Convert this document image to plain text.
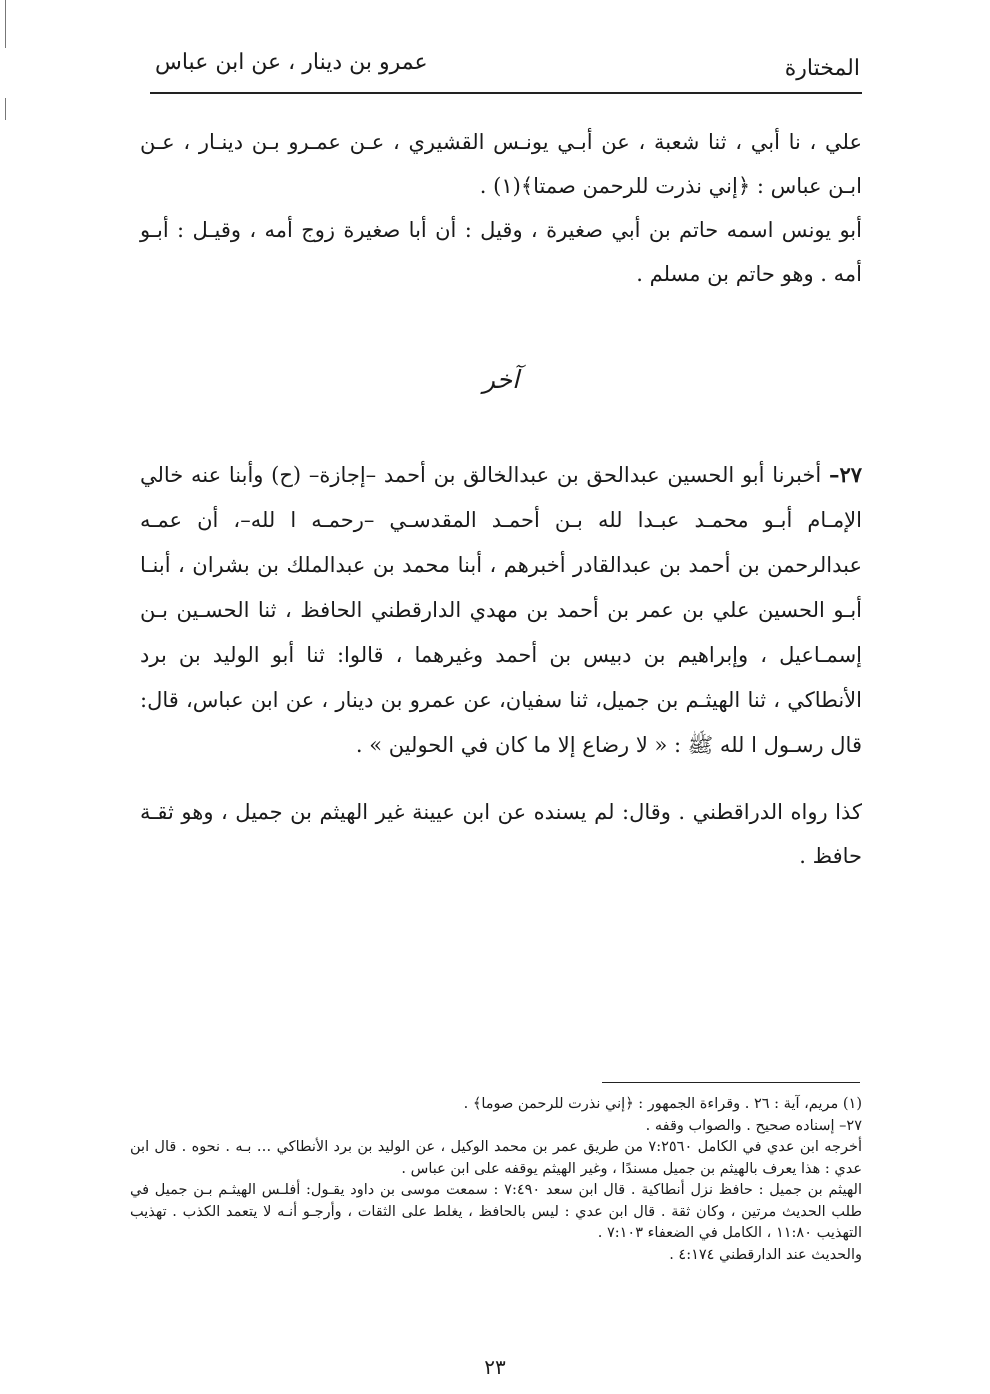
المختارة
عمرو بن دينار ، عن ابن عباس
علي ، نا أبي ، ثنا شعبة ، عن أبـي يونـس القشيري ، عـن عمـرو بـن دينـار ، عـن ابـن عباس : ﴿إني نذرت للرحمن صمتا﴾(١) .
أبو يونس اسمه حاتم بن أبي صغيرة ، وقيل : أن أبا صغيرة زوج أمه ، وقيـل : أبـو أمه . وهو حاتم بن مسلم .
آخر
٢٧– أخبرنا أبو الحسين عبدالحق بن عبدالخالق بن أحمد –إجازة– (ح) وأبنا عنه خالي الإمـام أبـو محمـد عبـدا لله بـن أحمـد المقدسـي –رحمـه ا لله–، أن عمـه عبدالرحمن بن أحمد بن عبدالقادر أخبرهم ، أبنا محمد بن عبدالملك بن بشران ، أبنـا أبـو الحسين علي بن عمر بن أحمد بن مهدي الدارقطني الحافظ ، ثنا الحسـين بـن إسمـاعيل ، وإبراهيم بن دبيس بن أحمد وغيرهما ، قالوا: ثنا أبو الوليد بن برد الأنطاكي ، ثنا الهيثـم بن جميل، ثنا سفيان، عن عمرو بن دينار ، عن ابن عباس، قال: قال رسـول ا لله ﷺ : « لا رضاع إلا ما كان في الحولين » .
كذا رواه الدراقطني . وقال: لم يسنده عن ابن عيينة غير الهيثم بن جميل ، وهو ثقـة حافظ .

(١) مريم، آية : ٢٦ . وقراءة الجمهور : ﴿إني نذرت للرحمن صوما﴾ .

٢٧– إسناده صحيح . والصواب وقفه .

أخرجه ابن عدي في الكامل ٧:٢٥٦٠ من طريق عمر بن محمد الوكيل ، عن الوليد بن برد الأنطاكي … بـه . نحوه . قال ابن عدي : هذا يعرف بالهيثم بن جميل مسندًا ، وغير الهيثم يوقفه على ابن عباس .

الهيثم بن جميل : حافظ نزل أنطاكية . قال ابن سعد ٧:٤٩٠ : سمعت موسى بن داود يقـول: أفلـس الهيثـم بـن جميل في طلب الحديث مرتين ، وكان ثقة . قال ابن عدي : ليس بالحافظ ، يغلط على الثقات ، وأرجـو أنـه لا يتعمد الكذب . تهذيب التهذيب ١١:٨٠ ، الكامل في الضعفاء ٧:١٠٣ .

والحديث عند الدارقطني ٤:١٧٤ .

٢٣
